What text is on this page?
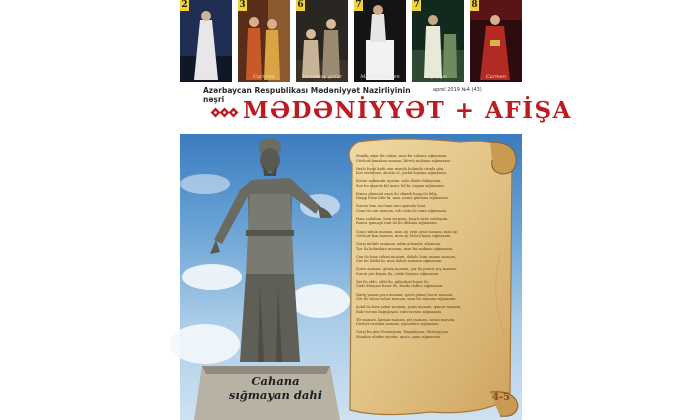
2
Otello
3
Carmina
6
Vurnamış qızlar
7
Mənim yatağım
7
Qaçqın
8
Carmen
Azərbaycan Respublikası Mədəniyyət Nazirliyinin nəşri
aprel 2019 №4 (43)
MƏDƏNİYYƏT + AFİŞA
Cahana
sığmayan dahi
Məndə sığar iki cahan, mən bu cahana sığmazam,
Gövhəri-lamakan mənəm, kövnü məkana sığmazam.
Ərşlə fərşü kafü nun məndə bulundu cümlə gün,
Kəs sözünüzü, ahəstə ol, şərhü bəyana sığmazam.
Kövnü məkandır ayətim, zatə dönür bidayətim,
Sən bu nişanla bil məni, bil ki, nişana sığmazam.
Kimsə gümanü zənn ilə olmadı həqq ilə biliş,
Haqqı bilən bilir ki, mən zənnü gümana sığmazam.
Surətə bax, mə'nanı tanı ayinədə bəni,
Cism ilə can mənəm, vəli cism ilə cana sığmazam.
Həm sədəfəm, həm inciyəm, həşrü sirat sərisiyəm,
Bunca qumaşü rəxt ilə bu dükana sığmazam.
Gənci-nihan mənəm, mən ay, eyni əyan mənəm, mən ay,
Gövhəri-kan mənəm, mən ay, bəhrü kana sığmazam.
Gərçi möhiti əzəməm, adım adəmdir, adəməm,
Tur ilə kəlməkan mənəm, mən bu məkana sığmazam.
Can ilə həm cahan mənəm, dəhrlə həm zaman mənəm,
Gör bu lətifəi ki, mən dəhrü zamana sığmazam.
Zərrə mənəm, günəş mənəm, çar ilə pəncü şeş mənəm,
Surəti gör beyan ilə, çünki beyana sığmazam.
Zat ilə oldu, sifat ilə, gülşəkəri-həyat ilə,
Qədr dünyəni bərat ilə, bəzdə dəfinə sığmazam.
Natiq yanan gecə mənəm, qəvsi günəş həcər mənəm,
Gör bu tuluu-zəhər mənəm, mən bu zəmanə sığmazam.
Şəhd ilə həm şəkər mənəm, şəms mənəm, qəmər mənəm,
Ruhi-rəvanı bağışlayan, ruhi-rəvana sığmazam.
Tir mənəm, kaman mənəm, pir mənəm, cavan mənəm,
Dövləti-cavidan mənəm, ayinədara sığmazam.
Gərçi bu gün Nəsimiyəm, Haşimiyəm, Qüreyşiyəm,
Məndən uludur ayətim, ayətə, şana sığmazam.
4-5
